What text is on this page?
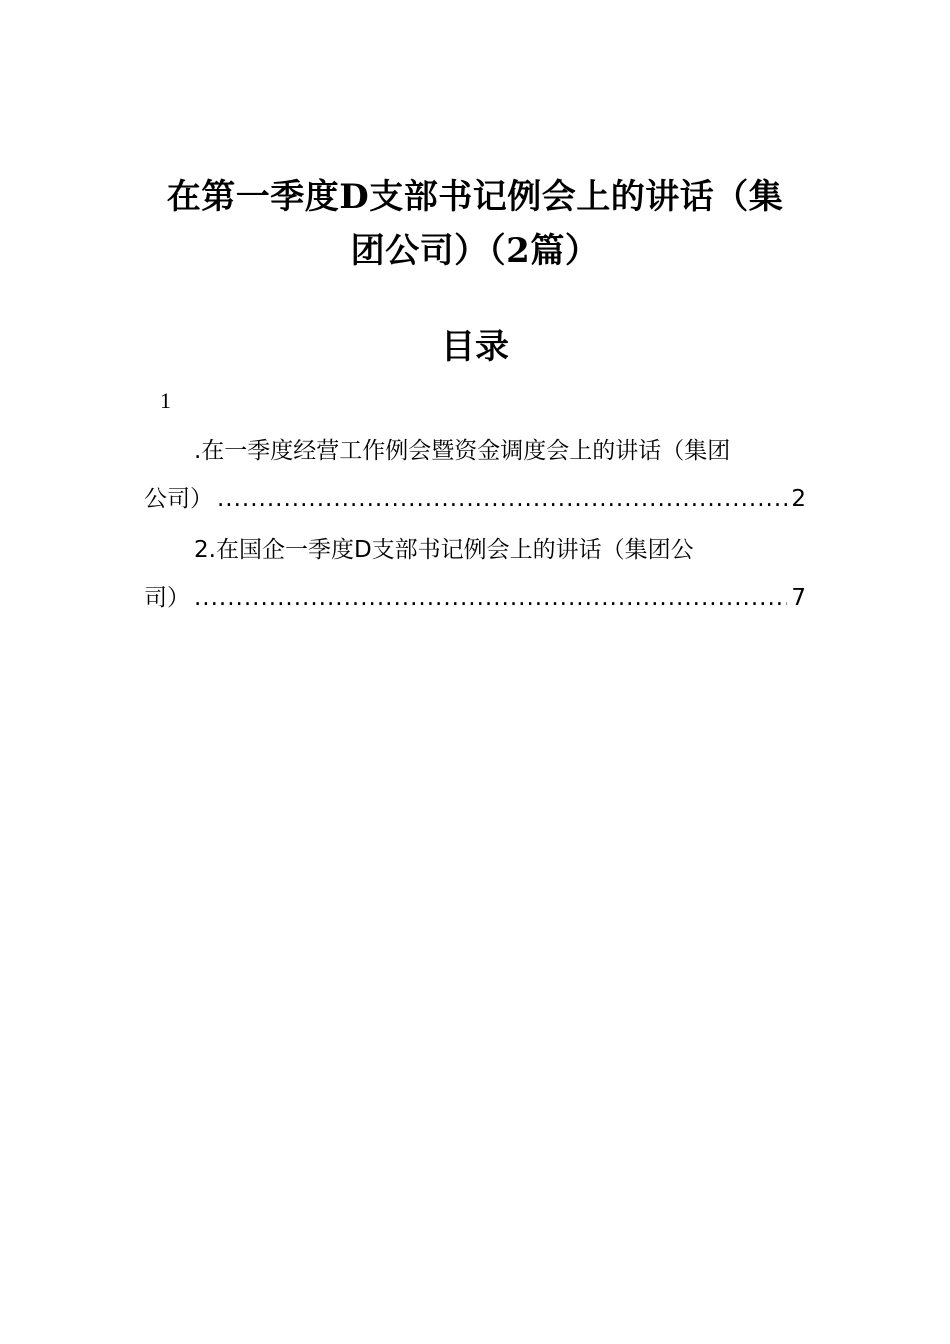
在第一季度D支部书记例会上的讲话（集
团公司）（2篇）
目录
1
.在一季度经营工作例会暨资金调度会上的讲话（集团
公司） .....	2
2.在国企一季度D支部书记例会上的讲话（集团公
司） .....	7
